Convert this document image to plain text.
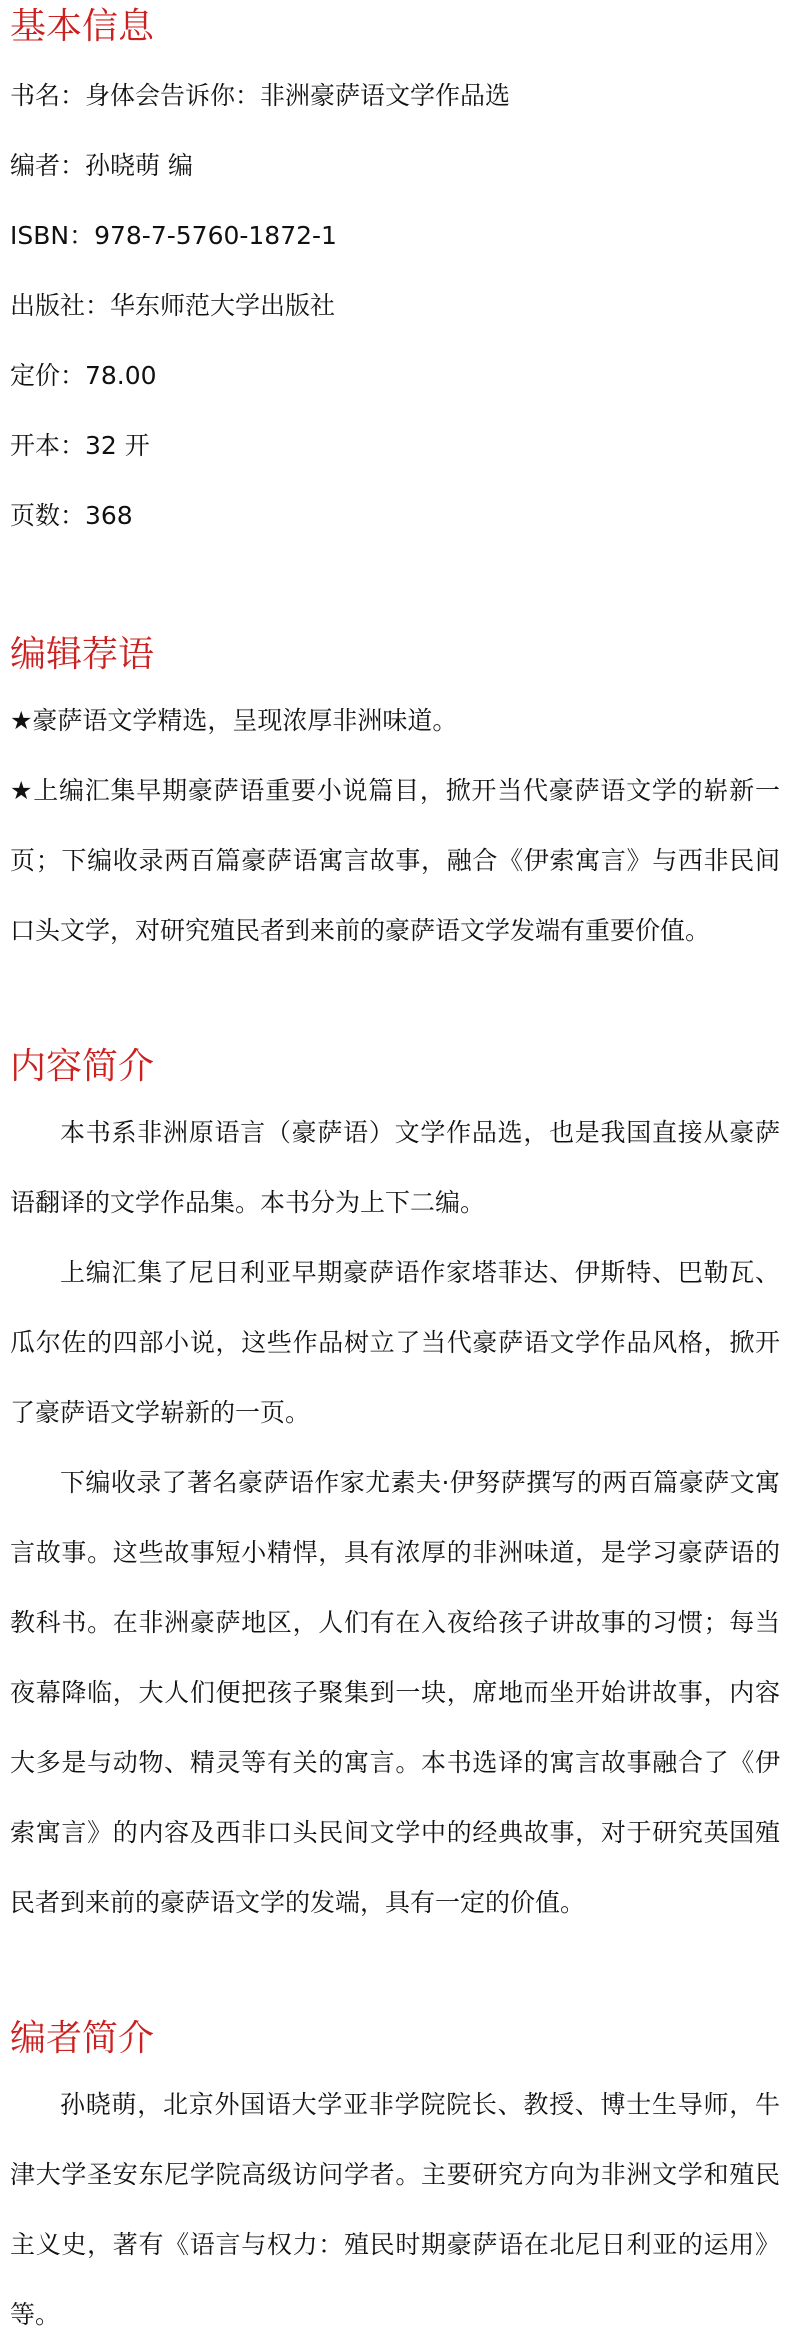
基本信息

书名：身体会告诉你：非洲豪萨语文学作品选

编者：孙晓萌 编

ISBN：978-7-5760-1872-1

出版社：华东师范大学出版社

定价：78.00

开本：32 开

页数：368

编辑荐语

★豪萨语文学精选，呈现浓厚非洲味道。

★上编汇集早期豪萨语重要小说篇目，掀开当代豪萨语文学的崭新一页；下编收录两百篇豪萨语寓言故事，融合《伊索寓言》与西非民间口头文学，对研究殖民者到来前的豪萨语文学发端有重要价值。

内容简介

本书系非洲原语言（豪萨语）文学作品选，也是我国直接从豪萨语翻译的文学作品集。本书分为上下二编。

上编汇集了尼日利亚早期豪萨语作家塔菲达、伊斯特、巴勒瓦、瓜尔佐的四部小说，这些作品树立了当代豪萨语文学作品风格，掀开了豪萨语文学崭新的一页。

下编收录了著名豪萨语作家尤素夫·伊努萨撰写的两百篇豪萨文寓言故事。这些故事短小精悍，具有浓厚的非洲味道，是学习豪萨语的教科书。在非洲豪萨地区，人们有在入夜给孩子讲故事的习惯；每当夜幕降临，大人们便把孩子聚集到一块，席地而坐开始讲故事，内容大多是与动物、精灵等有关的寓言。本书选译的寓言故事融合了《伊索寓言》的内容及西非口头民间文学中的经典故事，对于研究英国殖民者到来前的豪萨语文学的发端，具有一定的价值。

编者简介

孙晓萌，北京外国语大学亚非学院院长、教授、博士生导师，牛津大学圣安东尼学院高级访问学者。主要研究方向为非洲文学和殖民主义史，著有《语言与权力：殖民时期豪萨语在北尼日利亚的运用》等。
